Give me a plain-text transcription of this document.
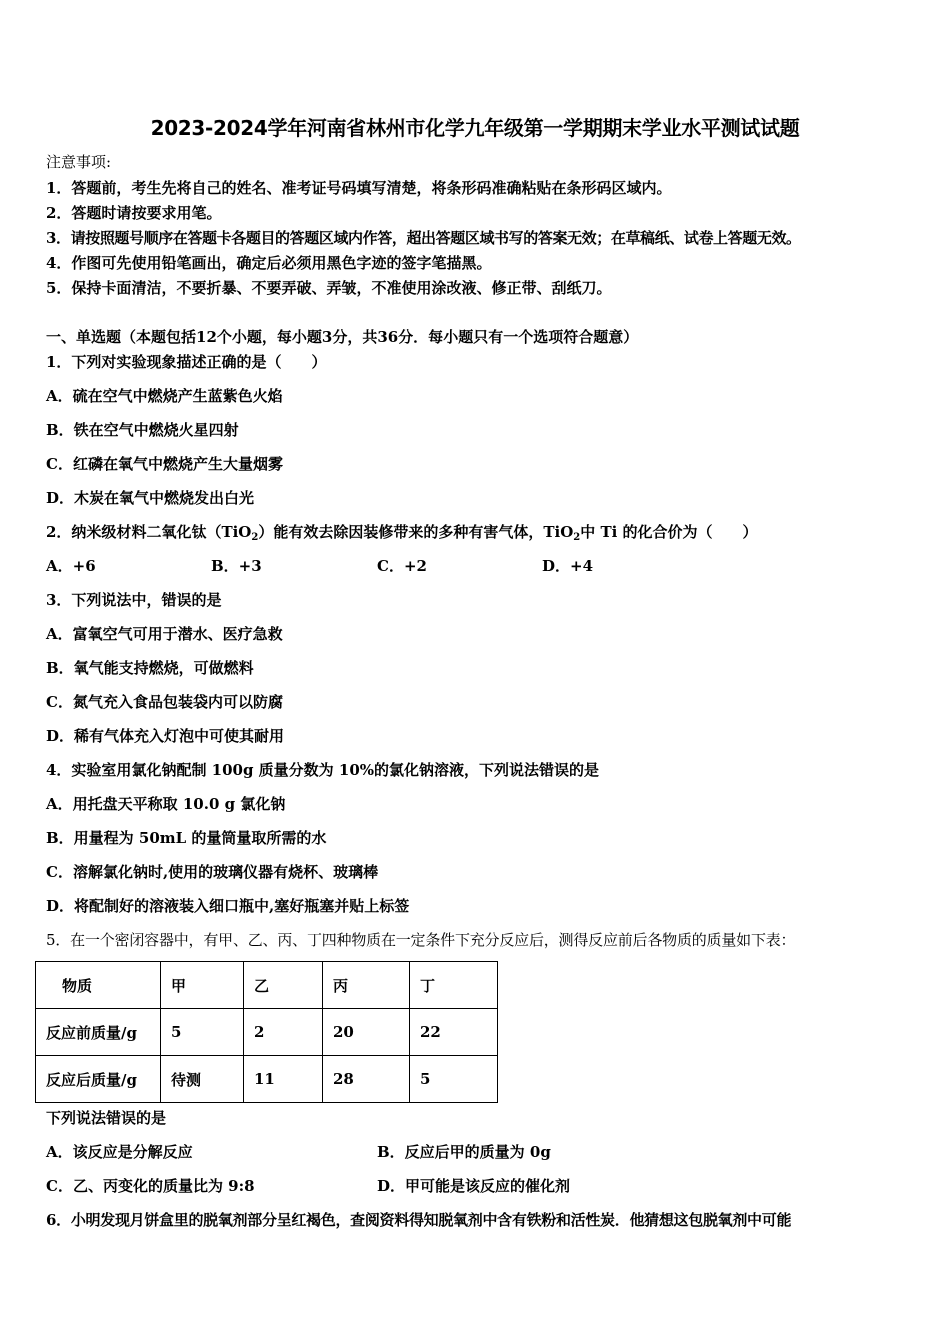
2023-2024学年河南省林州市化学九年级第一学期期末学业水平测试试题
注意事项:
1．答题前，考生先将自己的姓名、准考证号码填写清楚，将条形码准确粘贴在条形码区域内。
2．答题时请按要求用笔。
3．请按照题号顺序在答题卡各题目的答题区域内作答，超出答题区域书写的答案无效；在草稿纸、试卷上答题无效。
4．作图可先使用铅笔画出，确定后必须用黑色字迹的签字笔描黑。
5．保持卡面清洁，不要折暴、不要弄破、弄皱，不准使用涂改液、修正带、刮纸刀。
一、单选题（本题包括12个小题，每小题3分，共36分．每小题只有一个选项符合题意）
1．下列对实验现象描述正确的是（　　）
A．硫在空气中燃烧产生蓝紫色火焰
B．铁在空气中燃烧火星四射
C．红磷在氧气中燃烧产生大量烟雾
D．木炭在氧气中燃烧发出白光
2．纳米级材料二氧化钛（TiO$_2$）能有效去除因装修带来的多种有害气体，TiO$_2$中 Ti 的化合价为（　　）
A．+6	B．+3	C．+2	D．+4
3．下列说法中，错误的是
A．富氧空气可用于潜水、医疗急救
B．氧气能支持燃烧，可做燃料
C．氮气充入食品包装袋内可以防腐
D．稀有气体充入灯泡中可使其耐用
4．实验室用氯化钠配制 100g 质量分数为 10%的氯化钠溶液，下列说法错误的是
A．用托盘天平称取 10.0 g 氯化钠
B．用量程为 50mL 的量筒量取所需的水
C．溶解氯化钠时,使用的玻璃仪器有烧杯、玻璃棒
D．将配制好的溶液装入细口瓶中,塞好瓶塞并贴上标签
5．在一个密闭容器中，有甲、乙、丙、丁四种物质在一定条件下充分反应后，测得反应前后各物质的质量如下表：
物质	甲	乙	丙	丁
反应前质量/g	5	2	20	22
反应后质量/g	待测	11	28	5
下列说法错误的是
A．该反应是分解反应	B．反应后甲的质量为 0g
C．乙、丙变化的质量比为 9:8	D．甲可能是该反应的催化剂
6．小明发现月饼盒里的脱氧剂部分呈红褐色，查阅资料得知脱氧剂中含有铁粉和活性炭．他猜想这包脱氧剂中可能
